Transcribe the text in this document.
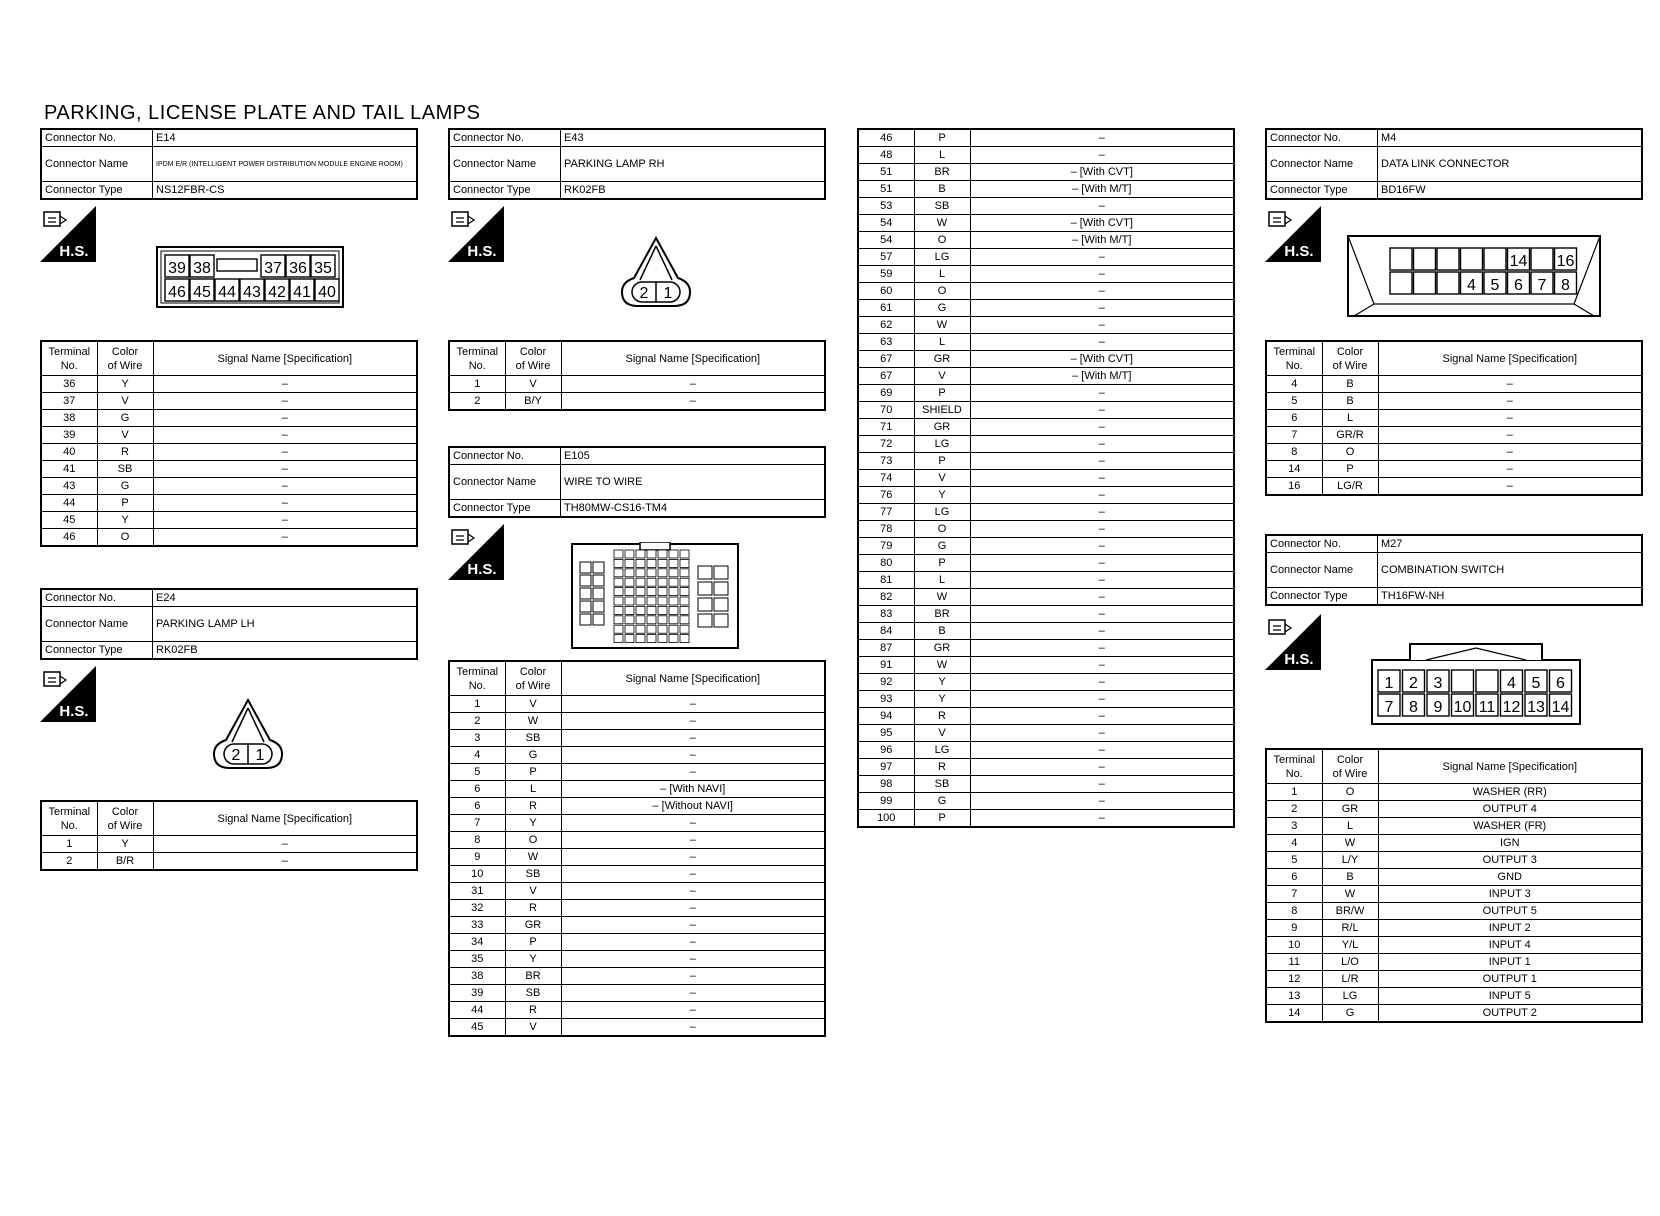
PARKING, LICENSE PLATE AND TAIL LAMPS
Connector No.	E14
Connector Name	IPDM E/R (INTELLIGENT POWER DISTRIBUTION MODULE ENGINE ROOM)
Connector Type	NS12FBR-CS
H.S.
39 38	37 36 35
46 45 44 43 42 41 40
Terminal
No.	Color
of Wire	Signal Name [Specification]
36	Y	–
37	V	–
38	G	–
39	V	–
40	R	–
41	SB	–
43	G	–
44	P	–
45	Y	–
46	O	–
Connector No.	E24
Connector Name	PARKING LAMP LH
Connector Type	RK02FB
H.S.
2 1
Terminal
No.	Color
of Wire	Signal Name [Specification]
1	Y	–
2	B/R	–
Connector No.	E43
Connector Name	PARKING LAMP RH
Connector Type	RK02FB
H.S.
2 1
Terminal
No.	Color
of Wire	Signal Name [Specification]
1	V	–
2	B/Y	–
Connector No.	E105
Connector Name	WIRE TO WIRE
Connector Type	TH80MW-CS16-TM4
H.S.
Terminal
No.	Color
of Wire	Signal Name [Specification]
1	V	–
2	W	–
3	SB	–
4	G	–
5	P	–
6	L	– [With NAVI]
6	R	– [Without NAVI]
7	Y	–
8	O	–
9	W	–
10	SB	–
31	V	–
32	R	–
33	GR	–
34	P	–
35	Y	–
38	BR	–
39	SB	–
44	R	–
45	V	–
46	P	–
48	L	–
51	BR	– [With CVT]
51	B	– [With M/T]
53	SB	–
54	W	– [With CVT]
54	O	– [With M/T]
57	LG	–
59	L	–
60	O	–
61	G	–
62	W	–
63	L	–
67	GR	– [With CVT]
67	V	– [With M/T]
69	P	–
70	SHIELD	–
71	GR	–
72	LG	–
73	P	–
74	V	–
76	Y	–
77	LG	–
78	O	–
79	G	–
80	P	–
81	L	–
82	W	–
83	BR	–
84	B	–
87	GR	–
91	W	–
92	Y	–
93	Y	–
94	R	–
95	V	–
96	LG	–
97	R	–
98	SB	–
99	G	–
100	P	–
Connector No.	M4
Connector Name	DATA LINK CONNECTOR
Connector Type	BD16FW
H.S.
14 16
4 5 6 7 8
Terminal
No.	Color
of Wire	Signal Name [Specification]
4	B	–
5	B	–
6	L	–
7	GR/R	–
8	O	–
14	P	–
16	LG/R	–
Connector No.	M27
Connector Name	COMBINATION SWITCH
Connector Type	TH16FW-NH
H.S.
1 2 3	4 5 6
7 8 9 10 11 12 13 14
Terminal
No.	Color
of Wire	Signal Name [Specification]
1	O	WASHER (RR)
2	GR	OUTPUT 4
3	L	WASHER (FR)
4	W	IGN
5	L/Y	OUTPUT 3
6	B	GND
7	W	INPUT 3
8	BR/W	OUTPUT 5
9	R/L	INPUT 2
10	Y/L	INPUT 4
11	L/O	INPUT 1
12	L/R	OUTPUT 1
13	LG	INPUT 5
14	G	OUTPUT 2
